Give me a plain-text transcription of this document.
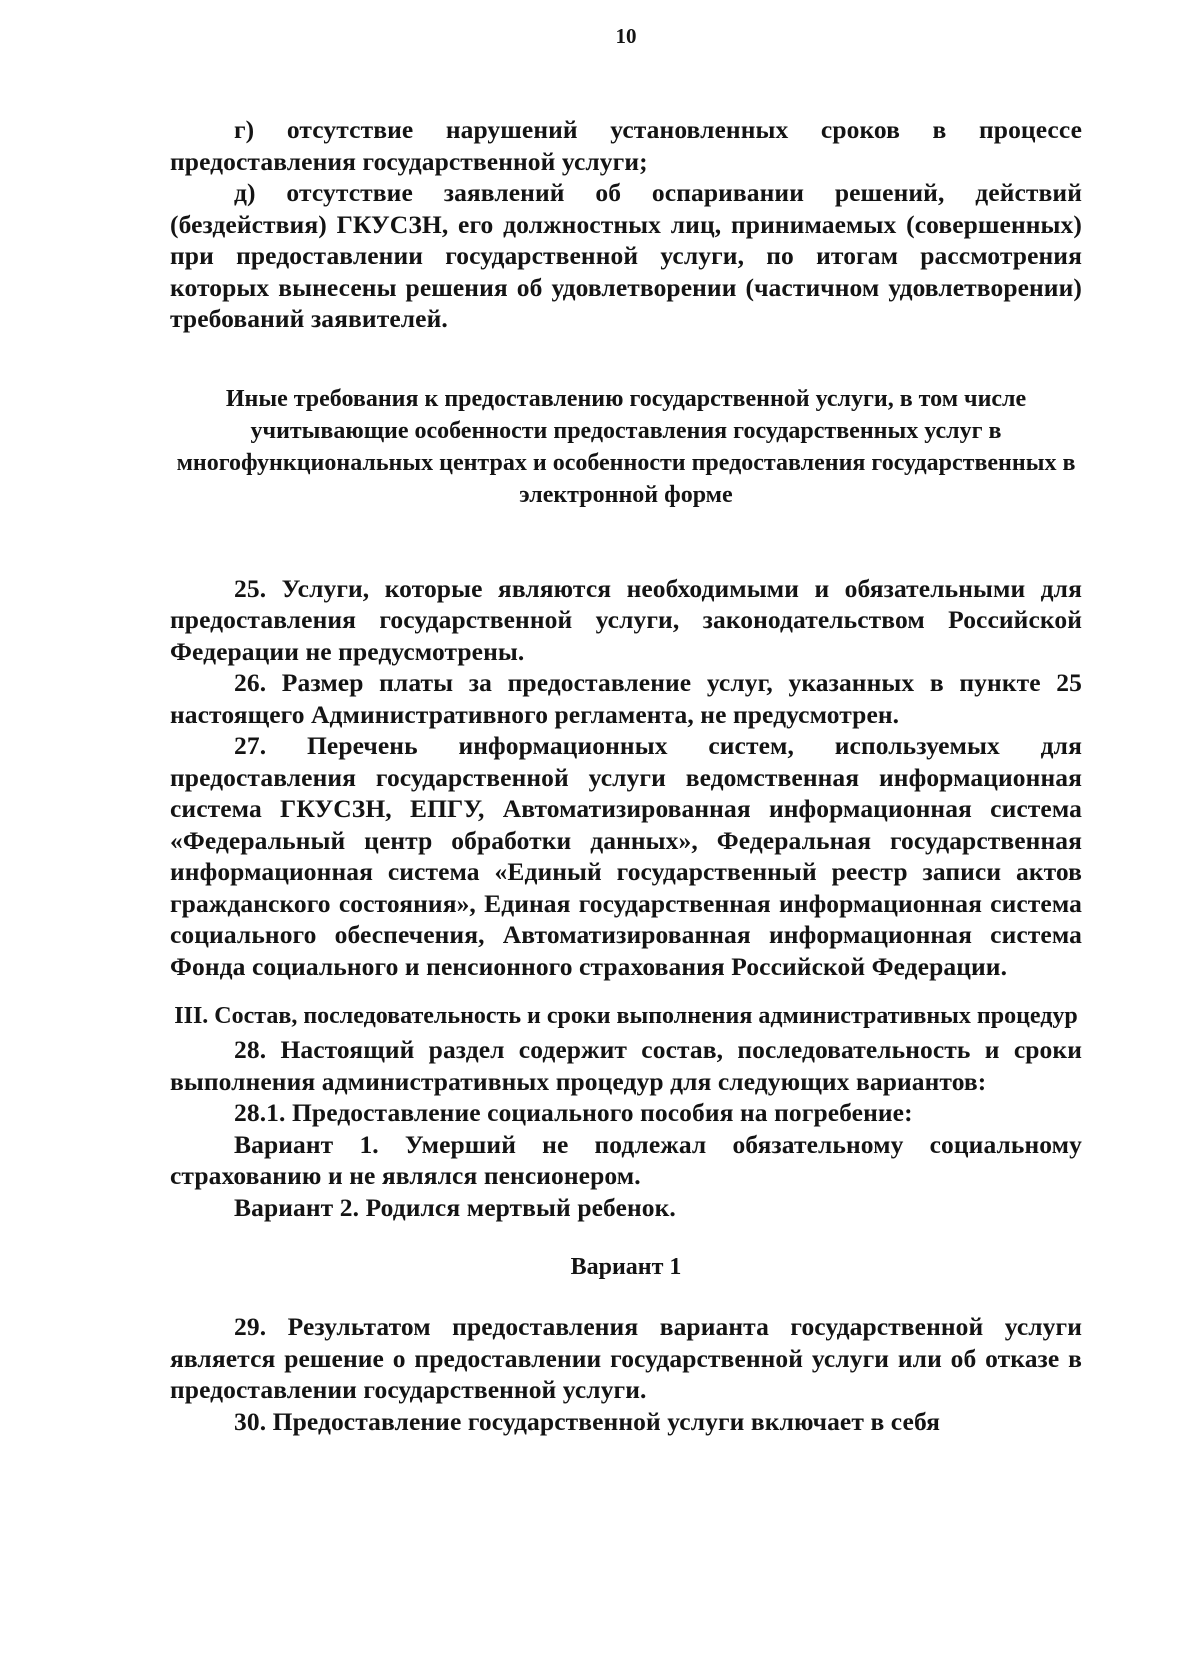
10

г) отсутствие нарушений установленных сроков в процессе предоставления государственной услуги;

д) отсутствие заявлений об оспаривании решений, действий (бездействия) ГКУСЗН, его должностных лиц, принимаемых (совершенных) при предоставлении государственной услуги, по итогам рассмотрения которых вынесены решения об удовлетворении (частичном удовлетворении) требований заявителей.

Иные требования к предоставлению государственной услуги, в том числе учитывающие особенности предоставления государственных услуг в многофункциональных центрах и особенности предоставления государственных в электронной форме

25. Услуги, которые являются необходимыми и обязательными для предоставления государственной услуги, законодательством Российской Федерации не предусмотрены.

26. Размер платы за предоставление услуг, указанных в пункте 25 настоящего Административного регламента, не предусмотрен.

27. Перечень информационных систем, используемых для предоставления государственной услуги ведомственная информационная система ГКУСЗН, ЕПГУ, Автоматизированная информационная система «Федеральный центр обработки данных», Федеральная государственная информационная система «Единый государственный реестр записи актов гражданского состояния», Единая государственная информационная система социального обеспечения, Автоматизированная информационная система Фонда социального и пенсионного страхования Российской Федерации.

III. Состав, последовательность и сроки выполнения административных процедур

28. Настоящий раздел содержит состав, последовательность и сроки выполнения административных процедур для следующих вариантов:

28.1. Предоставление социального пособия на погребение:

Вариант 1. Умерший не подлежал обязательному социальному страхованию и не являлся пенсионером.

Вариант 2. Родился мертвый ребенок.

Вариант 1

29. Результатом предоставления варианта государственной услуги является решение о предоставлении государственной услуги или об отказе в предоставлении государственной услуги.

30. Предоставление государственной услуги включает в себя
